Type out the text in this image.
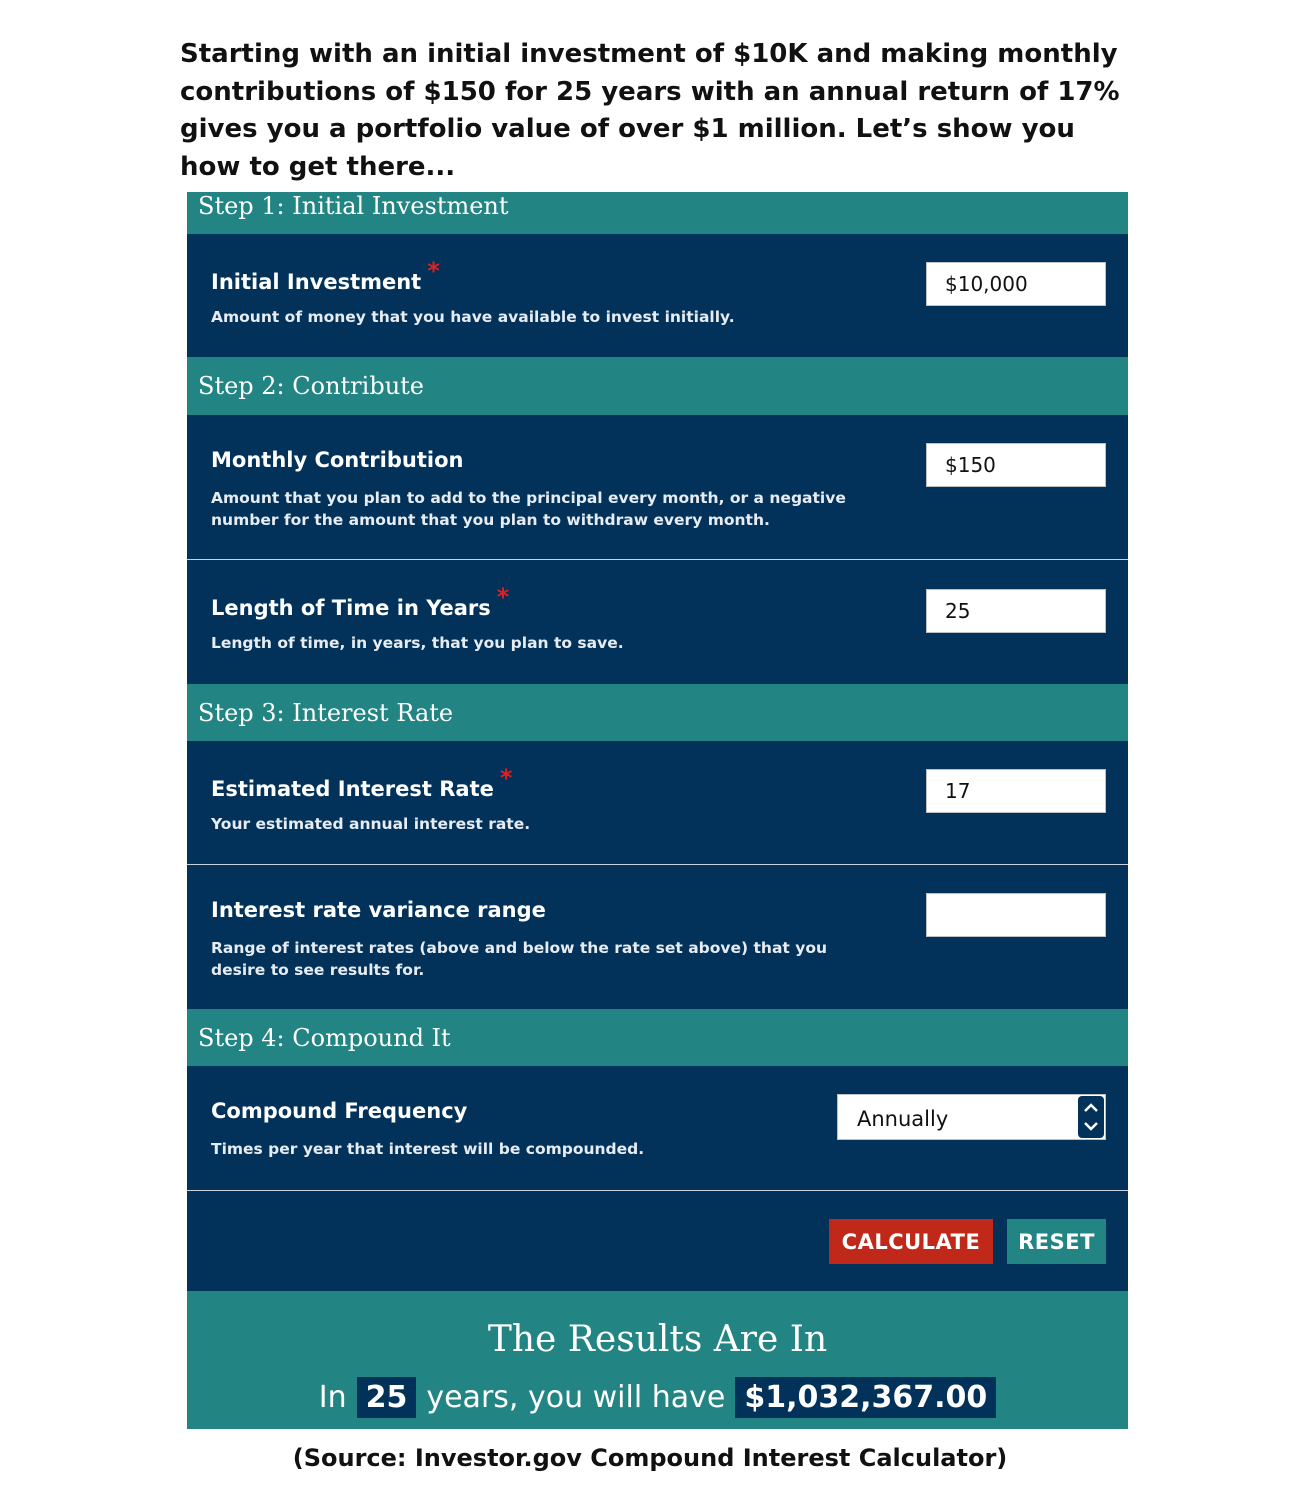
Starting with an initial investment of $10K and making monthly contributions of $150 for 25 years with an annual return of 17% gives you a portfolio value of over $1 million. Let’s show you how to get there...
Step 1: Initial Investment
Initial Investment *
Amount of money that you have available to invest initially.
$10,000
Step 2: Contribute
Monthly Contribution
Amount that you plan to add to the principal every month, or a negative number for the amount that you plan to withdraw every month.
$150
Length of Time in Years *
Length of time, in years, that you plan to save.
25
Step 3: Interest Rate
Estimated Interest Rate *
Your estimated annual interest rate.
17
Interest rate variance range
Range of interest rates (above and below the rate set above) that you desire to see results for.
Step 4: Compound It
Compound Frequency
Times per year that interest will be compounded.
Annually
CALCULATE	RESET
The Results Are In
In 25 years, you will have $1,032,367.00
(Source: Investor.gov Compound Interest Calculator)
